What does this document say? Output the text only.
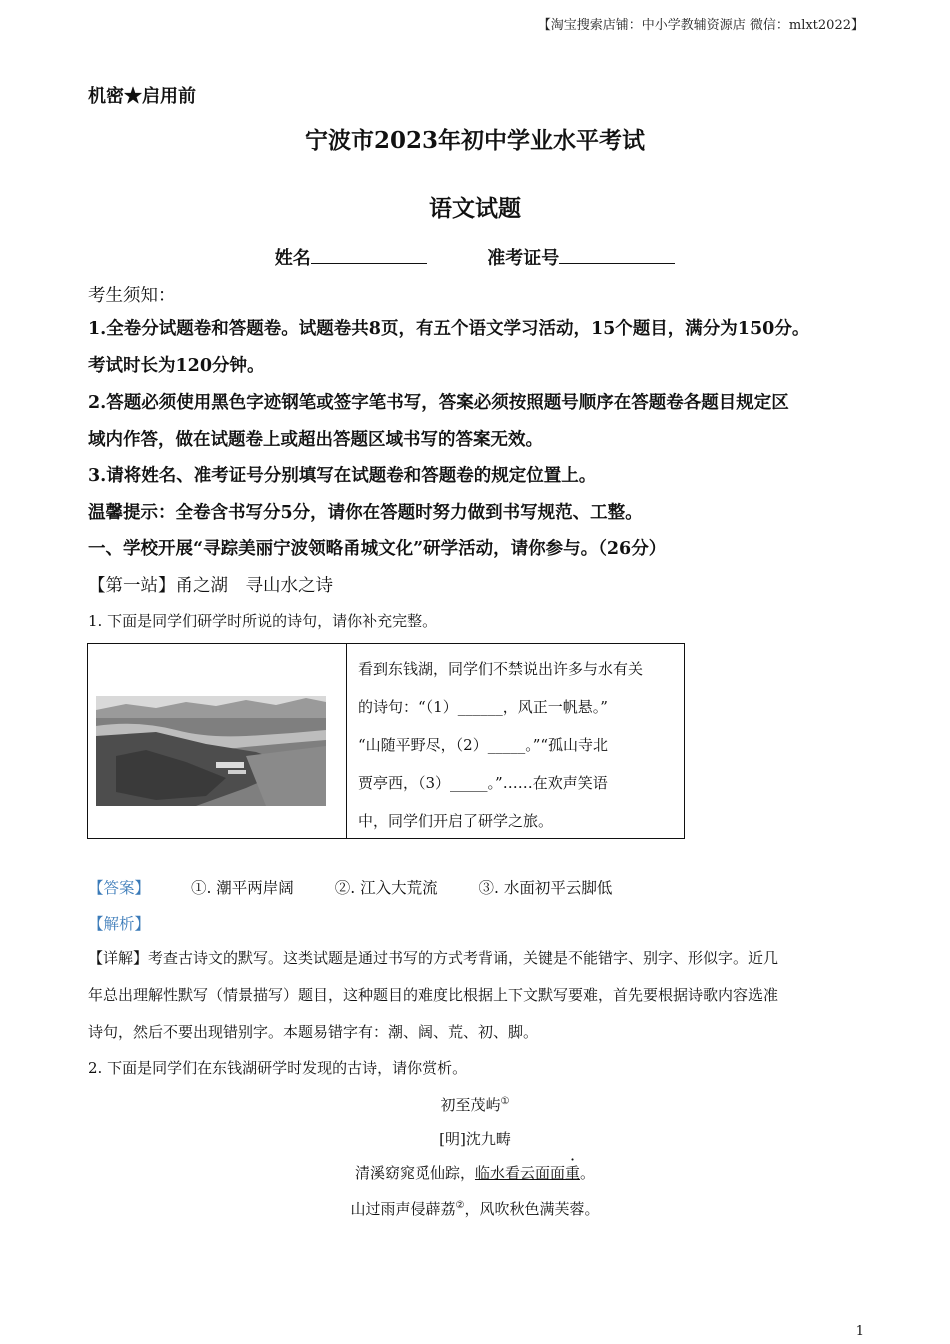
【淘宝搜索店铺：中小学教辅资源店 微信：mlxt2022】
机密★启用前
宁波市2023年初中学业水平考试
语文试题
姓名	准考证号
考生须知：
1.全卷分试题卷和答题卷。试题卷共8页，有五个语文学习活动，15个题目，满分为150分。
考试时长为120分钟。
2.答题必须使用黑色字迹钢笔或签字笔书写，答案必须按照题号顺序在答题卷各题目规定区
域内作答，做在试题卷上或超出答题区域书写的答案无效。
3.请将姓名、准考证号分别填写在试题卷和答题卷的规定位置上。
温馨提示：全卷含书写分5分，请你在答题时努力做到书写规范、工整。
一、学校开展“寻踪美丽宁波领略甬城文化”研学活动，请你参与。（26分）
【第一站】甬之湖　寻山水之诗
1. 下面是同学们研学时所说的诗句，请你补充完整。
看到东钱湖，同学们不禁说出许多与水有关
的诗句：“（1）______，风正一帆悬。”
“山随平野尽，（2）_____。”“孤山寺北
贾亭西，（3）_____。”……在欢声笑语
中，同学们开启了研学之旅。
【答案】	①. 潮平两岸阔	②. 江入大荒流	③. 水面初平云脚低
【解析】
【详解】考查古诗文的默写。这类试题是通过书写的方式考背诵，关键是不能错字、别字、形似字。近几
年总出理解性默写（情景描写）题目，这种题目的难度比根据上下文默写要难，首先要根据诗歌内容选准
诗句，然后不要出现错别字。本题易错字有：潮、阔、荒、初、脚。
2. 下面是同学们在东钱湖研学时发现的古诗，请你赏析。
初至茂屿①
[明]沈九畴
清溪窈窕觅仙踪，临水看云面面重。
山过雨声侵薜荔②，风吹秋色满芙蓉。
1
